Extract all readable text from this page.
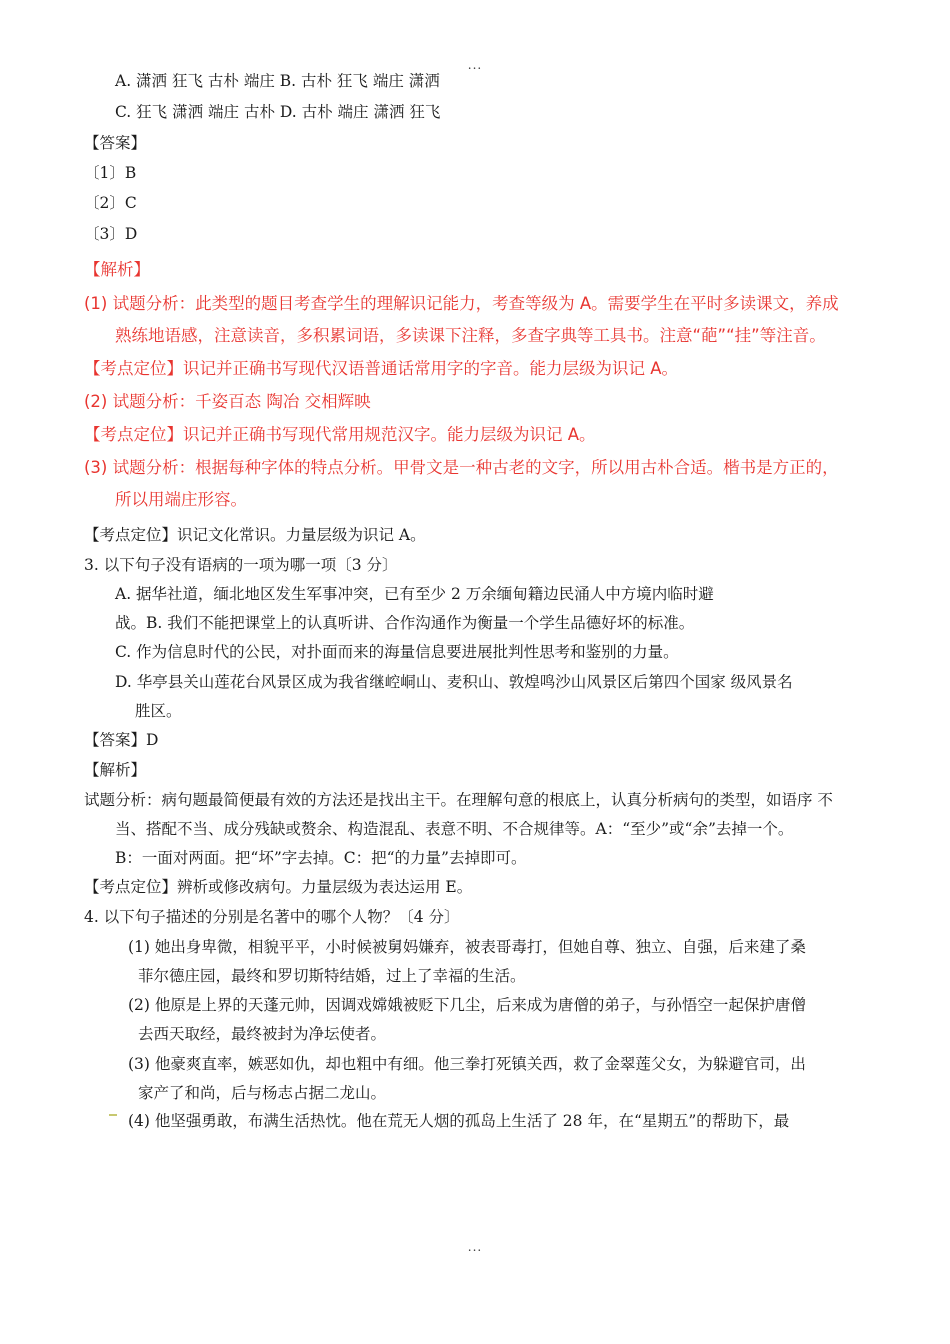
...
A. 潇洒 狂飞 古朴 端庄 B. 古朴 狂飞 端庄 潇洒
C. 狂飞 潇洒 端庄 古朴 D. 古朴 端庄 潇洒 狂飞
【答案】
〔1〕B
〔2〕C
〔3〕D
【解析】
(1) 试题分析：此类型的题目考查学生的理解识记能力，考查等级为 A。需要学生在平时多读课文，养成
熟练地语感，注意读音，多积累词语，多读课下注释，多查字典等工具书。注意“葩”“挂”等注音。
【考点定位】识记并正确书写现代汉语普通话常用字的字音。能力层级为识记 A。
(2) 试题分析：千姿百态 陶冶 交相辉映
【考点定位】识记并正确书写现代常用规范汉字。能力层级为识记 A。
(3) 试题分析：根据每种字体的特点分析。甲骨文是一种古老的文字，所以用古朴合适。楷书是方正的，
所以用端庄形容。
【考点定位】识记文化常识。力量层级为识记 A。
3. 以下句子没有语病的一项为哪一项〔3 分〕
A. 据华社道，缅北地区发生军事冲突，已有至少 2 万余缅甸籍边民涌人中方境内临时避
战。B. 我们不能把课堂上的认真听讲、合作沟通作为衡量一个学生品德好坏的标准。
C. 作为信息时代的公民，对扑面而来的海量信息要进展批判性思考和鉴别的力量。
D. 华亭县关山莲花台风景区成为我省继崆峒山、麦积山、敦煌鸣沙山风景区后第四个国家 级风景名
胜区。
【答案】D
【解析】
试题分析：病句题最简便最有效的方法还是找出主干。在理解句意的根底上，认真分析病句的类型，如语序 不
当、搭配不当、成分残缺或赘余、构造混乱、表意不明、不合规律等。A：“至少”或“余”去掉一个。
B：一面对两面。把“坏”字去掉。C：把“的力量”去掉即可。
【考点定位】辨析或修改病句。力量层级为表达运用 E。
4. 以下句子描述的分别是名著中的哪个人物？〔4 分〕
(1) 她出身卑微，相貌平平，小时候被舅妈嫌弃，被表哥毒打，但她自尊、独立、自强，后来建了桑
菲尔德庄园，最终和罗切斯特结婚，过上了幸福的生活。
(2) 他原是上界的天蓬元帅，因调戏嫦娥被贬下几尘，后来成为唐僧的弟子，与孙悟空一起保护唐僧
去西天取经，最终被封为净坛使者。
(3) 他豪爽直率，嫉恶如仇，却也粗中有细。他三拳打死镇关西，救了金翠莲父女，为躲避官司，出
家产了和尚，后与杨志占据二龙山。
(4) 他坚强勇敢，布满生活热忱。他在荒无人烟的孤岛上生活了 28 年，在“星期五”的帮助下，最
...
